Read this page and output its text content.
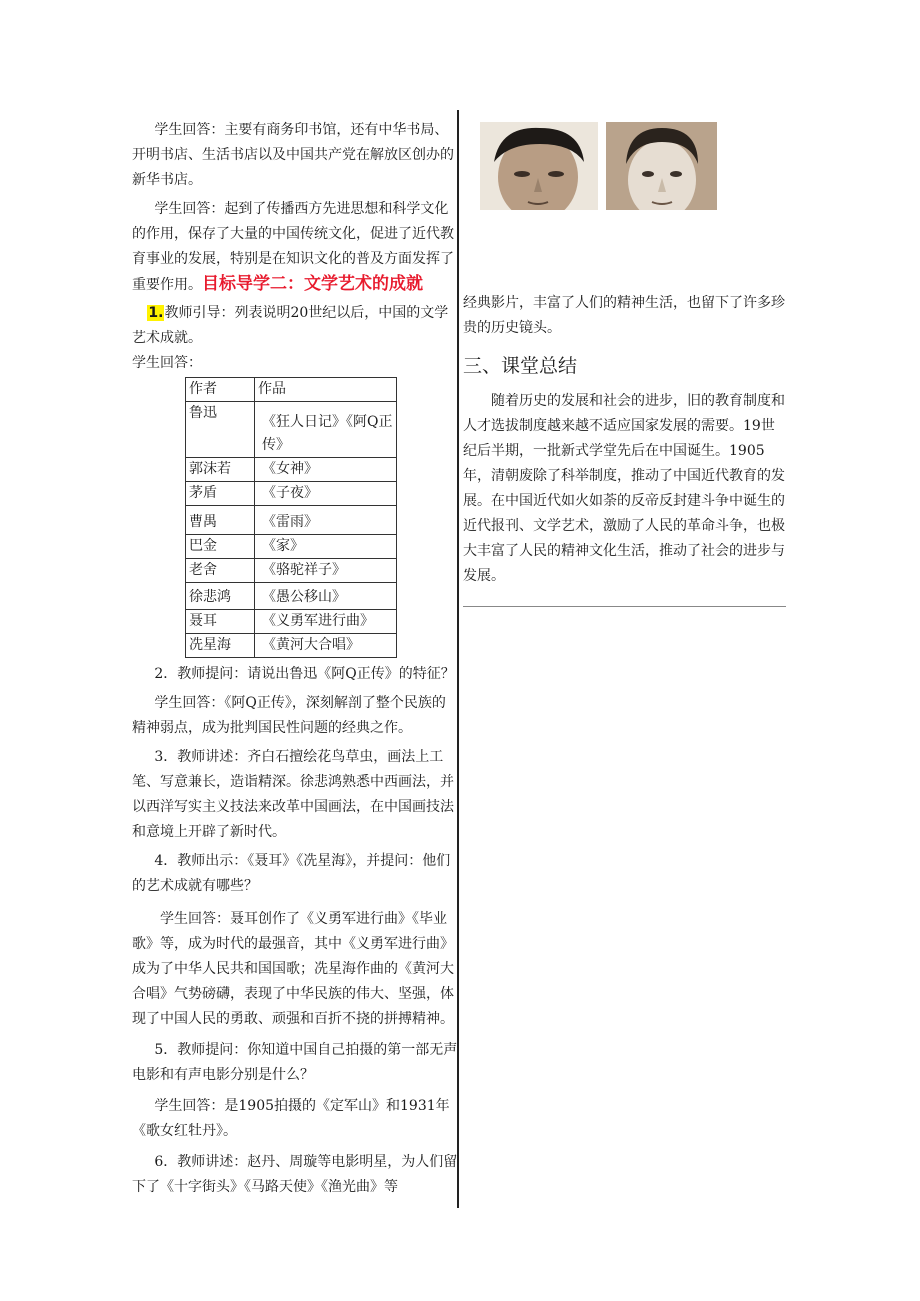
学生回答：主要有商务印书馆，还有中华书局、开明书店、生活书店以及中国共产党在解放区创办的新华书店。

学生回答：起到了传播西方先进思想和科学文化的作用，保存了大量的中国传统文化，促进了近代教育事业的发展，特别是在知识文化的普及方面发挥了重要作用。目标导学二：文学艺术的成就

1.教师引导：列表说明20世纪以后，中国的文学艺术成就。

学生回答：

作者	作品
鲁迅	《狂人日记》《阿Q正传》

郭沫若	《女神》

茅盾	《子夜》

曹禺	《雷雨》

巴金	《家》

老舍	《骆驼祥子》

徐悲鸿	《愚公移山》

聂耳	《义勇军进行曲》

冼星海	《黄河大合唱》

2．教师提问：请说出鲁迅《阿Q正传》的特征？

学生回答：《阿Q正传》，深刻解剖了整个民族的精神弱点，成为批判国民性问题的经典之作。

3．教师讲述：齐白石擅绘花鸟草虫，画法上工笔、写意兼长，造诣精深。徐悲鸿熟悉中西画法，并以西洋写实主义技法来改革中国画法，在中国画技法和意境上开辟了新时代。

4．教师出示：《聂耳》《冼星海》，并提问：他们的艺术成就有哪些？

学生回答：聂耳创作了《义勇军进行曲》《毕业歌》等，成为时代的最强音，其中《义勇军进行曲》成为了中华人民共和国国歌；冼星海作曲的《黄河大合唱》气势磅礴，表现了中华民族的伟大、坚强，体现了中国人民的勇敢、顽强和百折不挠的拼搏精神。

5．教师提问：你知道中国自己拍摄的第一部无声电影和有声电影分别是什么？

学生回答：是1905拍摄的《定军山》和1931年《歌女红牡丹》。

6．教师讲述：赵丹、周璇等电影明星，为人们留下了《十字街头》《马路天使》《渔光曲》等

经典影片，丰富了人们的精神生活，也留下了许多珍贵的历史镜头。

三、课堂总结

随着历史的发展和社会的进步，旧的教育制度和人才选拔制度越来越不适应国家发展的需要。19世纪后半期，一批新式学堂先后在中国诞生。1905年，清朝废除了科举制度，推动了中国近代教育的发展。在中国近代如火如荼的反帝反封建斗争中诞生的近代报刊、文学艺术，激励了人民的革命斗争，也极大丰富了人民的精神文化生活，推动了社会的进步与发展。
